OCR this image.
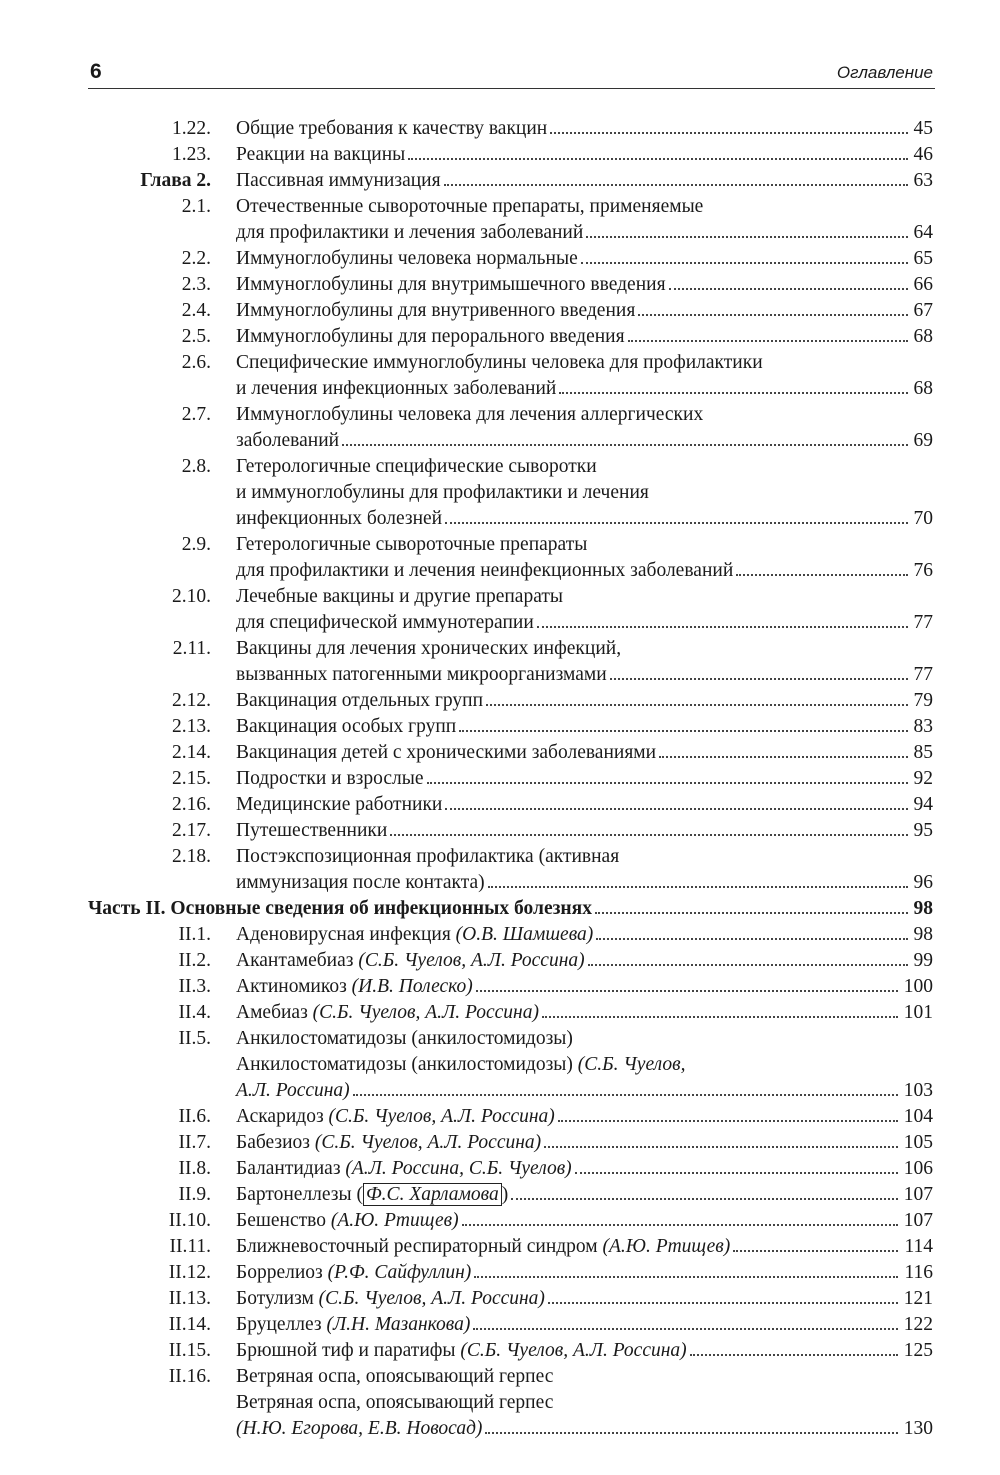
6	Оглавление
1.22. Общие требования к качеству вакцин	45
1.23. Реакции на вакцины	46
Глава 2. Пассивная иммунизация	63
2.1. Отечественные сывороточные препараты, применяемые
для профилактики и лечения заболеваний	64
2.2. Иммуноглобулины человека нормальные	65
2.3. Иммуноглобулины для внутримышечного введения	66
2.4. Иммуноглобулины для внутривенного введения	67
2.5. Иммуноглобулины для перорального введения	68
2.6. Специфические иммуноглобулины человека для профилактики
и лечения инфекционных заболеваний	68
2.7. Иммуноглобулины человека для лечения аллергических
заболеваний	69
2.8. Гетерологичные специфические сыворотки
и иммуноглобулины для профилактики и лечения
инфекционных болезней	70
2.9. Гетерологичные сывороточные препараты
для профилактики и лечения неинфекционных заболеваний	76
2.10. Лечебные вакцины и другие препараты
для специфической иммунотерапии	77
2.11. Вакцины для лечения хронических инфекций,
вызванных патогенными микроорганизмами	77
2.12. Вакцинация отдельных групп	79
2.13. Вакцинация особых групп	83
2.14. Вакцинация детей с хроническими заболеваниями	85
2.15. Подростки и взрослые	92
2.16. Медицинские работники	94
2.17. Путешественники	95
2.18. Постэкспозиционная профилактика (активная
иммунизация после контакта)	96
Часть II. Основные сведения об инфекционных болезнях	98
II.1. Аденовирусная инфекция (О.В. Шамшева)	98
II.2. Акантамебиаз (С.Б. Чуелов, А.Л. Россина)	99
II.3. Актиномикоз (И.В. Полеско)	100
II.4. Амебиаз (С.Б. Чуелов, А.Л. Россина)	101
II.5. Анкилостоматидозы (анкилостомидозы)
Анкилостоматидозы (анкилостомидозы) (С.Б. Чуелов,
А.Л. Россина)	103
II.6. Аскаридоз (С.Б. Чуелов, А.Л. Россина)	104
II.7. Бабезиоз (С.Б. Чуелов, А.Л. Россина)	105
II.8. Балантидиаз (А.Л. Россина, С.Б. Чуелов)	106
II.9. Бартонеллезы ( Ф.С. Харламова )	107
II.10. Бешенство (А.Ю. Ртищев)	107
II.11. Ближневосточный респираторный синдром (А.Ю. Ртищев)	114
II.12. Боррелиоз (Р.Ф. Сайфуллин)	116
II.13. Ботулизм (С.Б. Чуелов, А.Л. Россина)	121
II.14. Бруцеллез (Л.Н. Мазанкова)	122
II.15. Брюшной тиф и паратифы (С.Б. Чуелов, А.Л. Россина)	125
II.16. Ветряная оспа, опоясывающий герпес
Ветряная оспа, опоясывающий герпес
(Н.Ю. Егорова, Е.В. Новосад)	130
